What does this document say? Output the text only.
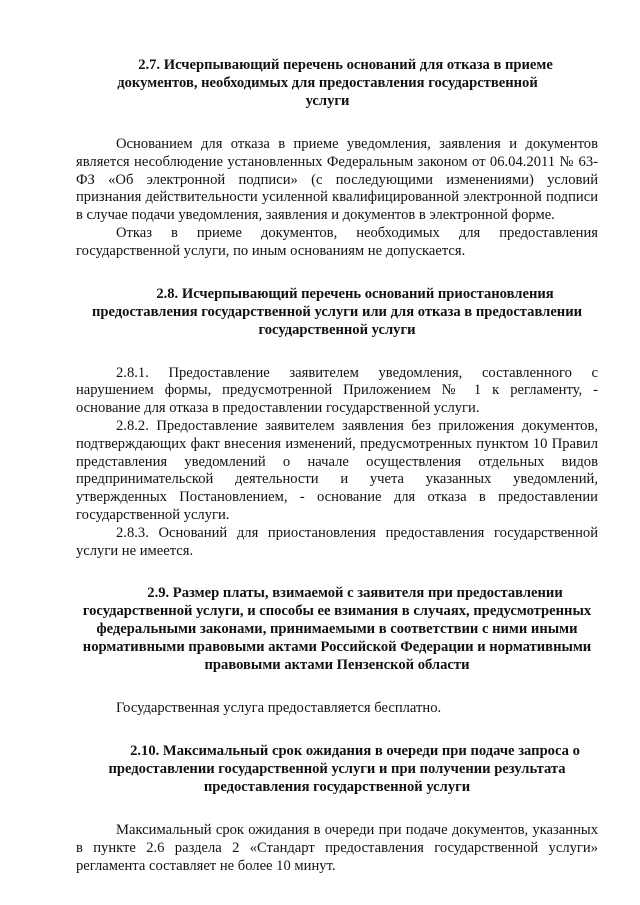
2.7. Исчерпывающий перечень оснований для отказа в приеме документов, необходимых для предоставления государственной услуги

Основанием для отказа в приеме уведомления, заявления и документов является несоблюдение установленных Федеральным законом от 06.04.2011 № 63-ФЗ «Об электронной подписи» (с последующими изменениями) условий признания действительности усиленной квалифицированной электронной подписи в случае подачи уведомления, заявления и документов в электронной форме.

Отказ в приеме документов, необходимых для предоставления государственной услуги, по иным основаниям не допускается.

2.8. Исчерпывающий перечень оснований приостановления предоставления государственной услуги или для отказа в предоставлении государственной услуги

2.8.1. Предоставление заявителем уведомления, составленного с нарушением формы, предусмотренной Приложением № 1 к регламенту, - основание для отказа в предоставлении государственной услуги.

2.8.2. Предоставление заявителем заявления без приложения документов, подтверждающих факт внесения изменений, предусмотренных пунктом 10 Правил представления уведомлений о начале осуществления отдельных видов предпринимательской деятельности и учета указанных уведомлений, утвержденных Постановлением, - основание для отказа в предоставлении государственной услуги.

2.8.3. Оснований для приостановления предоставления государственной услуги не имеется.

2.9. Размер платы, взимаемой с заявителя при предоставлении государственной услуги, и способы ее взимания в случаях, предусмотренных федеральными законами, принимаемыми в соответствии с ними иными нормативными правовыми актами Российской Федерации и нормативными правовыми актами Пензенской области

Государственная услуга предоставляется бесплатно.

2.10. Максимальный срок ожидания в очереди при подаче запроса о предоставлении государственной услуги и при получении результата предоставления государственной услуги

Максимальный срок ожидания в очереди при подаче документов, указанных в пункте 2.6 раздела 2 «Стандарт предоставления государственной услуги» регламента составляет не более 10 минут.
